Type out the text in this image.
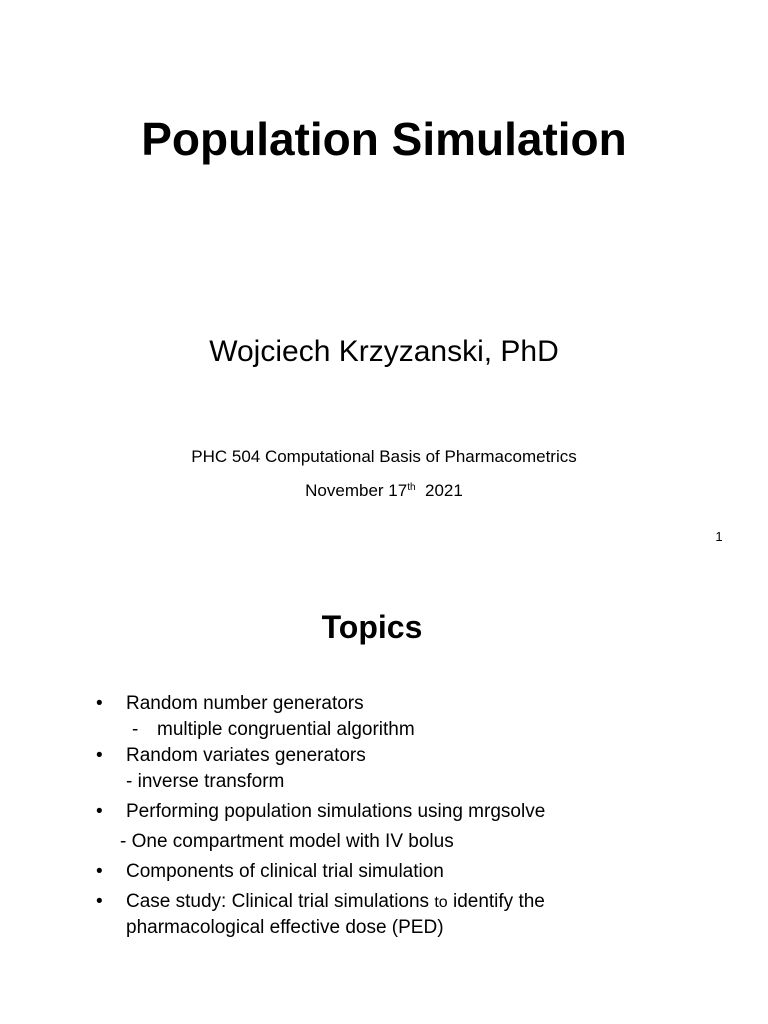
Population Simulation
Wojciech Krzyzanski, PhD
PHC 504 Computational Basis of Pharmacometrics
November 17th 2021
1
Topics
•	Random number generators
- multiple congruential algorithm
•	Random variates generators
- inverse transform
•	Performing population simulations using mrgsolve
- One compartment model with IV bolus
•	Components of clinical trial simulation
•	Case study: Clinical trial simulations to identify the
pharmacological effective dose (PED)
